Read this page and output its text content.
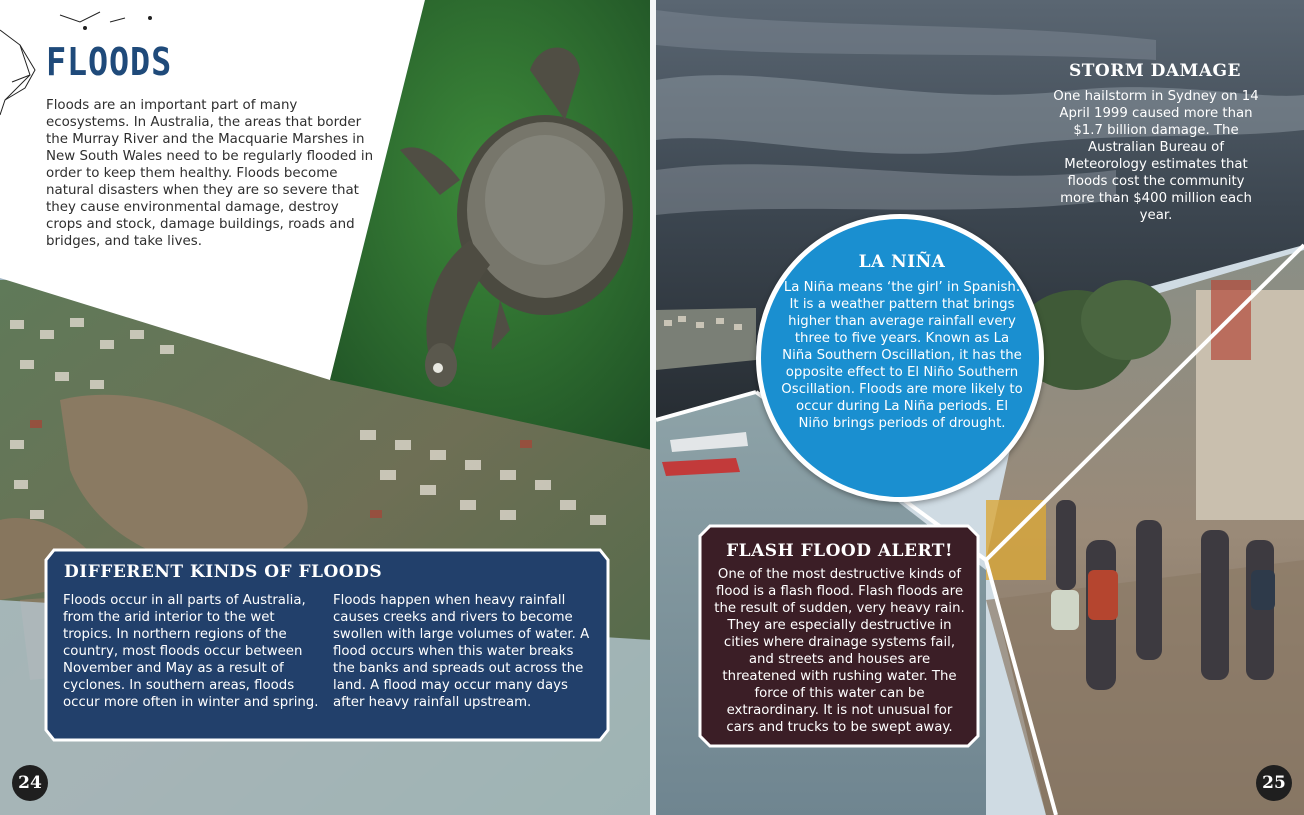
FLOODS
Floods are an important part of many ecosystems. In Australia, the areas that border the Murray River and the Macquarie Marshes in New South Wales need to be regularly flooded in order to keep them healthy. Floods become natural disasters when they are so severe that they cause environmental damage, destroy crops and stock, damage buildings, roads and bridges, and take lives.
DIFFERENT KINDS OF FLOODS
Floods occur in all parts of Australia, from the arid interior to the wet tropics. In northern regions of the country, most floods occur between November and May as a result of cyclones. In southern areas, floods occur more often in winter and spring.
Floods happen when heavy rainfall causes creeks and rivers to become swollen with large volumes of water. A flood occurs when this water breaks the banks and spreads out across the land. A flood may occur many days after heavy rainfall upstream.
24
STORM DAMAGE
One hailstorm in Sydney on 14 April 1999 caused more than $1.7 billion damage. The Australian Bureau of Meteorology estimates that floods cost the community more than $400 million each year.
LA NIÑA
La Niña means ‘the girl’ in Spanish. It is a weather pattern that brings higher than average rainfall every three to five years. Known as La Niña Southern Oscillation, it has the opposite effect to El Niño Southern Oscillation. Floods are more likely to occur during La Niña periods. El Niño brings periods of drought.
FLASH FLOOD ALERT!
One of the most destructive kinds of flood is a flash flood. Flash floods are the result of sudden, very heavy rain. They are especially destructive in cities where drainage systems fail, and streets and houses are threatened with rushing water. The force of this water can be extraordinary. It is not unusual for cars and trucks to be swept away.
25
